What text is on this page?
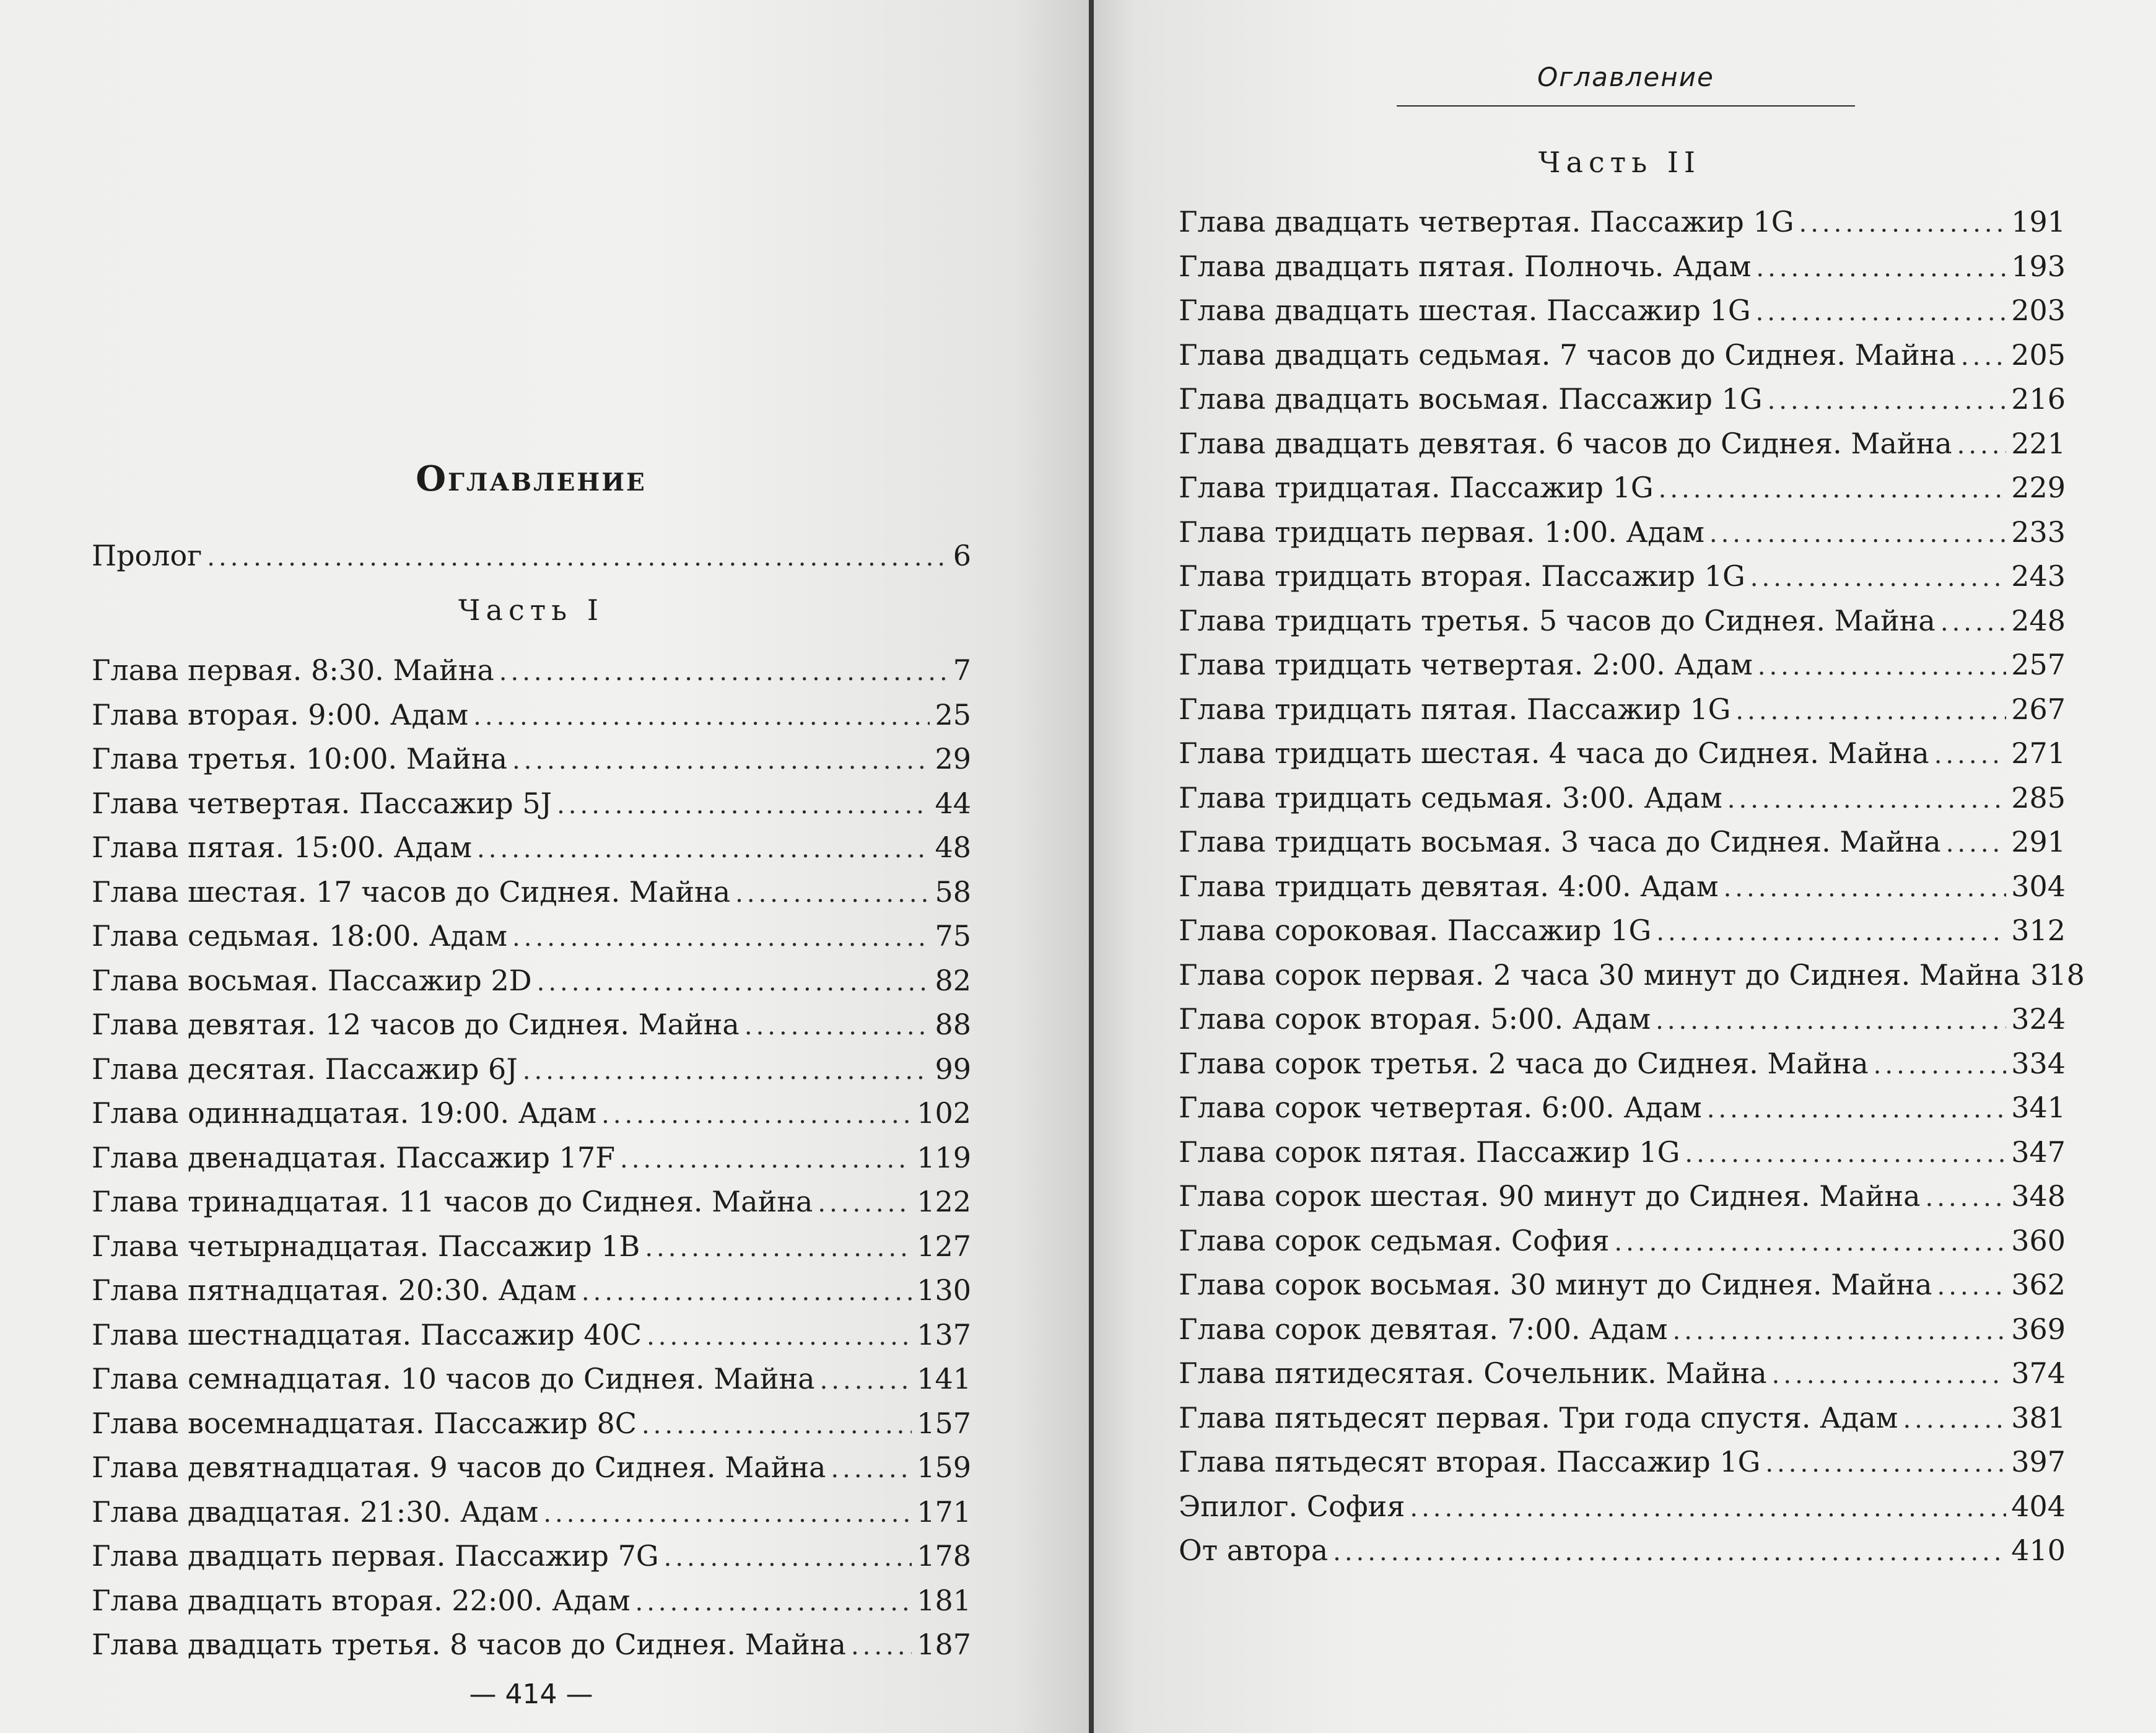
Оглавление
Пролог .....	6
Часть I
Глава первая. 8:30. Майна .....	7
Глава вторая. 9:00. Адам .....	25
Глава третья. 10:00. Майна .....	29
Глава четвертая. Пассажир 5J .....	44
Глава пятая. 15:00. Адам .....	48
Глава шестая. 17 часов до Сиднея. Майна .....	58
Глава седьмая. 18:00. Адам .....	75
Глава восьмая. Пассажир 2D .....	82
Глава девятая. 12 часов до Сиднея. Майна .....	88
Глава десятая. Пассажир 6J .....	99
Глава одиннадцатая. 19:00. Адам .....	102
Глава двенадцатая. Пассажир 17F .....	119
Глава тринадцатая. 11 часов до Сиднея. Майна .....	122
Глава четырнадцатая. Пассажир 1B .....	127
Глава пятнадцатая. 20:30. Адам .....	130
Глава шестнадцатая. Пассажир 40C .....	137
Глава семнадцатая. 10 часов до Сиднея. Майна .....	141
Глава восемнадцатая. Пассажир 8C .....	157
Глава девятнадцатая. 9 часов до Сиднея. Майна .....	159
Глава двадцатая. 21:30. Адам .....	171
Глава двадцать первая. Пассажир 7G .....	178
Глава двадцать вторая. 22:00. Адам .....	181
Глава двадцать третья. 8 часов до Сиднея. Майна ..... 187
— 414 —
Оглавление
Часть II
Глава двадцать четвертая. Пассажир 1G .....	191
Глава двадцать пятая. Полночь. Адам .....	193
Глава двадцать шестая. Пассажир 1G .....	203
Глава двадцать седьмая. 7 часов до Сиднея. Майна ..... 205
Глава двадцать восьмая. Пассажир 1G .....	216
Глава двадцать девятая. 6 часов до Сиднея. Майна ..... 221
Глава тридцатая. Пассажир 1G .....	229
Глава тридцать первая. 1:00. Адам .....	233
Глава тридцать вторая. Пассажир 1G .....	243
Глава тридцать третья. 5 часов до Сиднея. Майна .....	248
Глава тридцать четвертая. 2:00. Адам .....	257
Глава тридцать пятая. Пассажир 1G .....	267
Глава тридцать шестая. 4 часа до Сиднея. Майна .....	271
Глава тридцать седьмая. 3:00. Адам .....	285
Глава тридцать восьмая. 3 часа до Сиднея. Майна ..... 291
Глава тридцать девятая. 4:00. Адам .....	304
Глава сороковая. Пассажир 1G .....	312
Глава сорок первая. 2 часа 30 минут до Сиднея. Майна 318
Глава сорок вторая. 5:00. Адам .....	324
Глава сорок третья. 2 часа до Сиднея. Майна .....	334
Глава сорок четвертая. 6:00. Адам .....	341
Глава сорок пятая. Пассажир 1G .....	347
Глава сорок шестая. 90 минут до Сиднея. Майна .....	348
Глава сорок седьмая. София .....	360
Глава сорок восьмая. 30 минут до Сиднея. Майна .....	362
Глава сорок девятая. 7:00. Адам .....	369
Глава пятидесятая. Сочельник. Майна .....	374
Глава пятьдесят первая. Три года спустя. Адам .....	381
Глава пятьдесят вторая. Пассажир 1G .....	397
Эпилог. София .....	404
От автора .....	410
